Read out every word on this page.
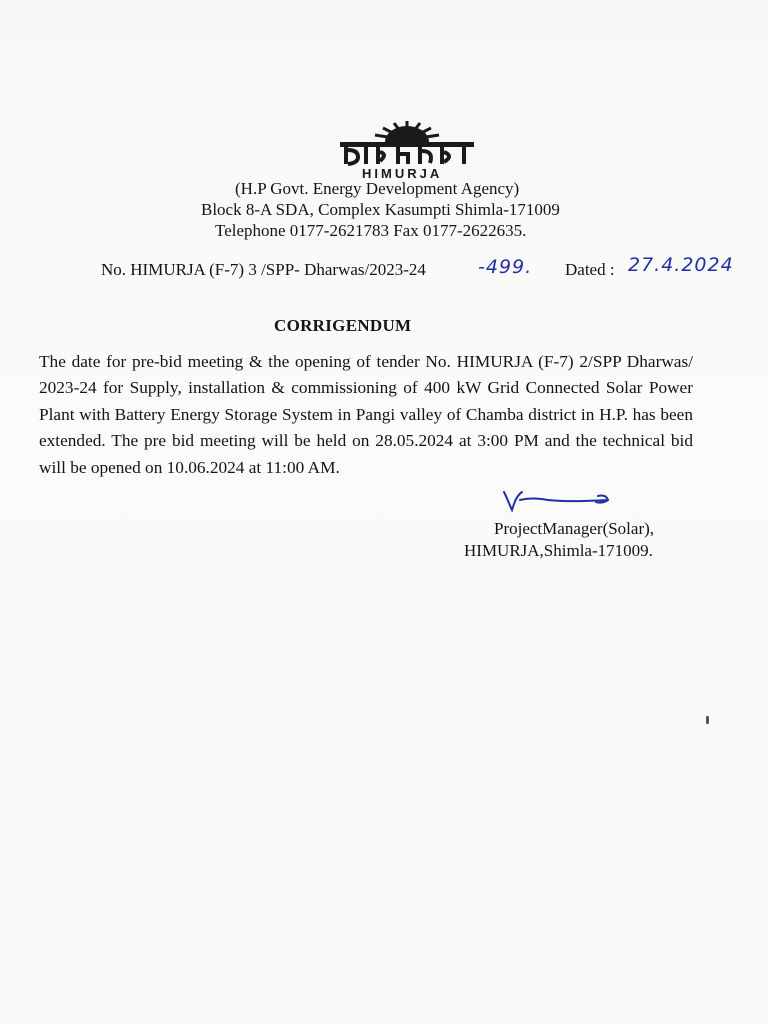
HIMURJA
(H.P Govt. Energy Development Agency)
Block 8-A SDA, Complex Kasumpti Shimla-171009
Telephone 0177-2621783 Fax 0177-2622635.
No. HIMURJA (F-7) 3 /SPP- Dharwas/2023-24	-499. Dated : 27.4.2024
CORRIGENDUM
The date for pre-bid meeting & the opening of tender No. HIMURJA (F-7) 2/SPP Dharwas/ 2023-24 for Supply, installation & commissioning of 400 kW Grid Connected Solar Power Plant with Battery Energy Storage System in Pangi valley of Chamba district in H.P. has been extended. The pre bid meeting will be held on 28.05.2024 at 3:00 PM and the technical bid will be opened on 10.06.2024 at 11:00 AM.
ProjectManager(Solar),
HIMURJA,Shimla-171009.
